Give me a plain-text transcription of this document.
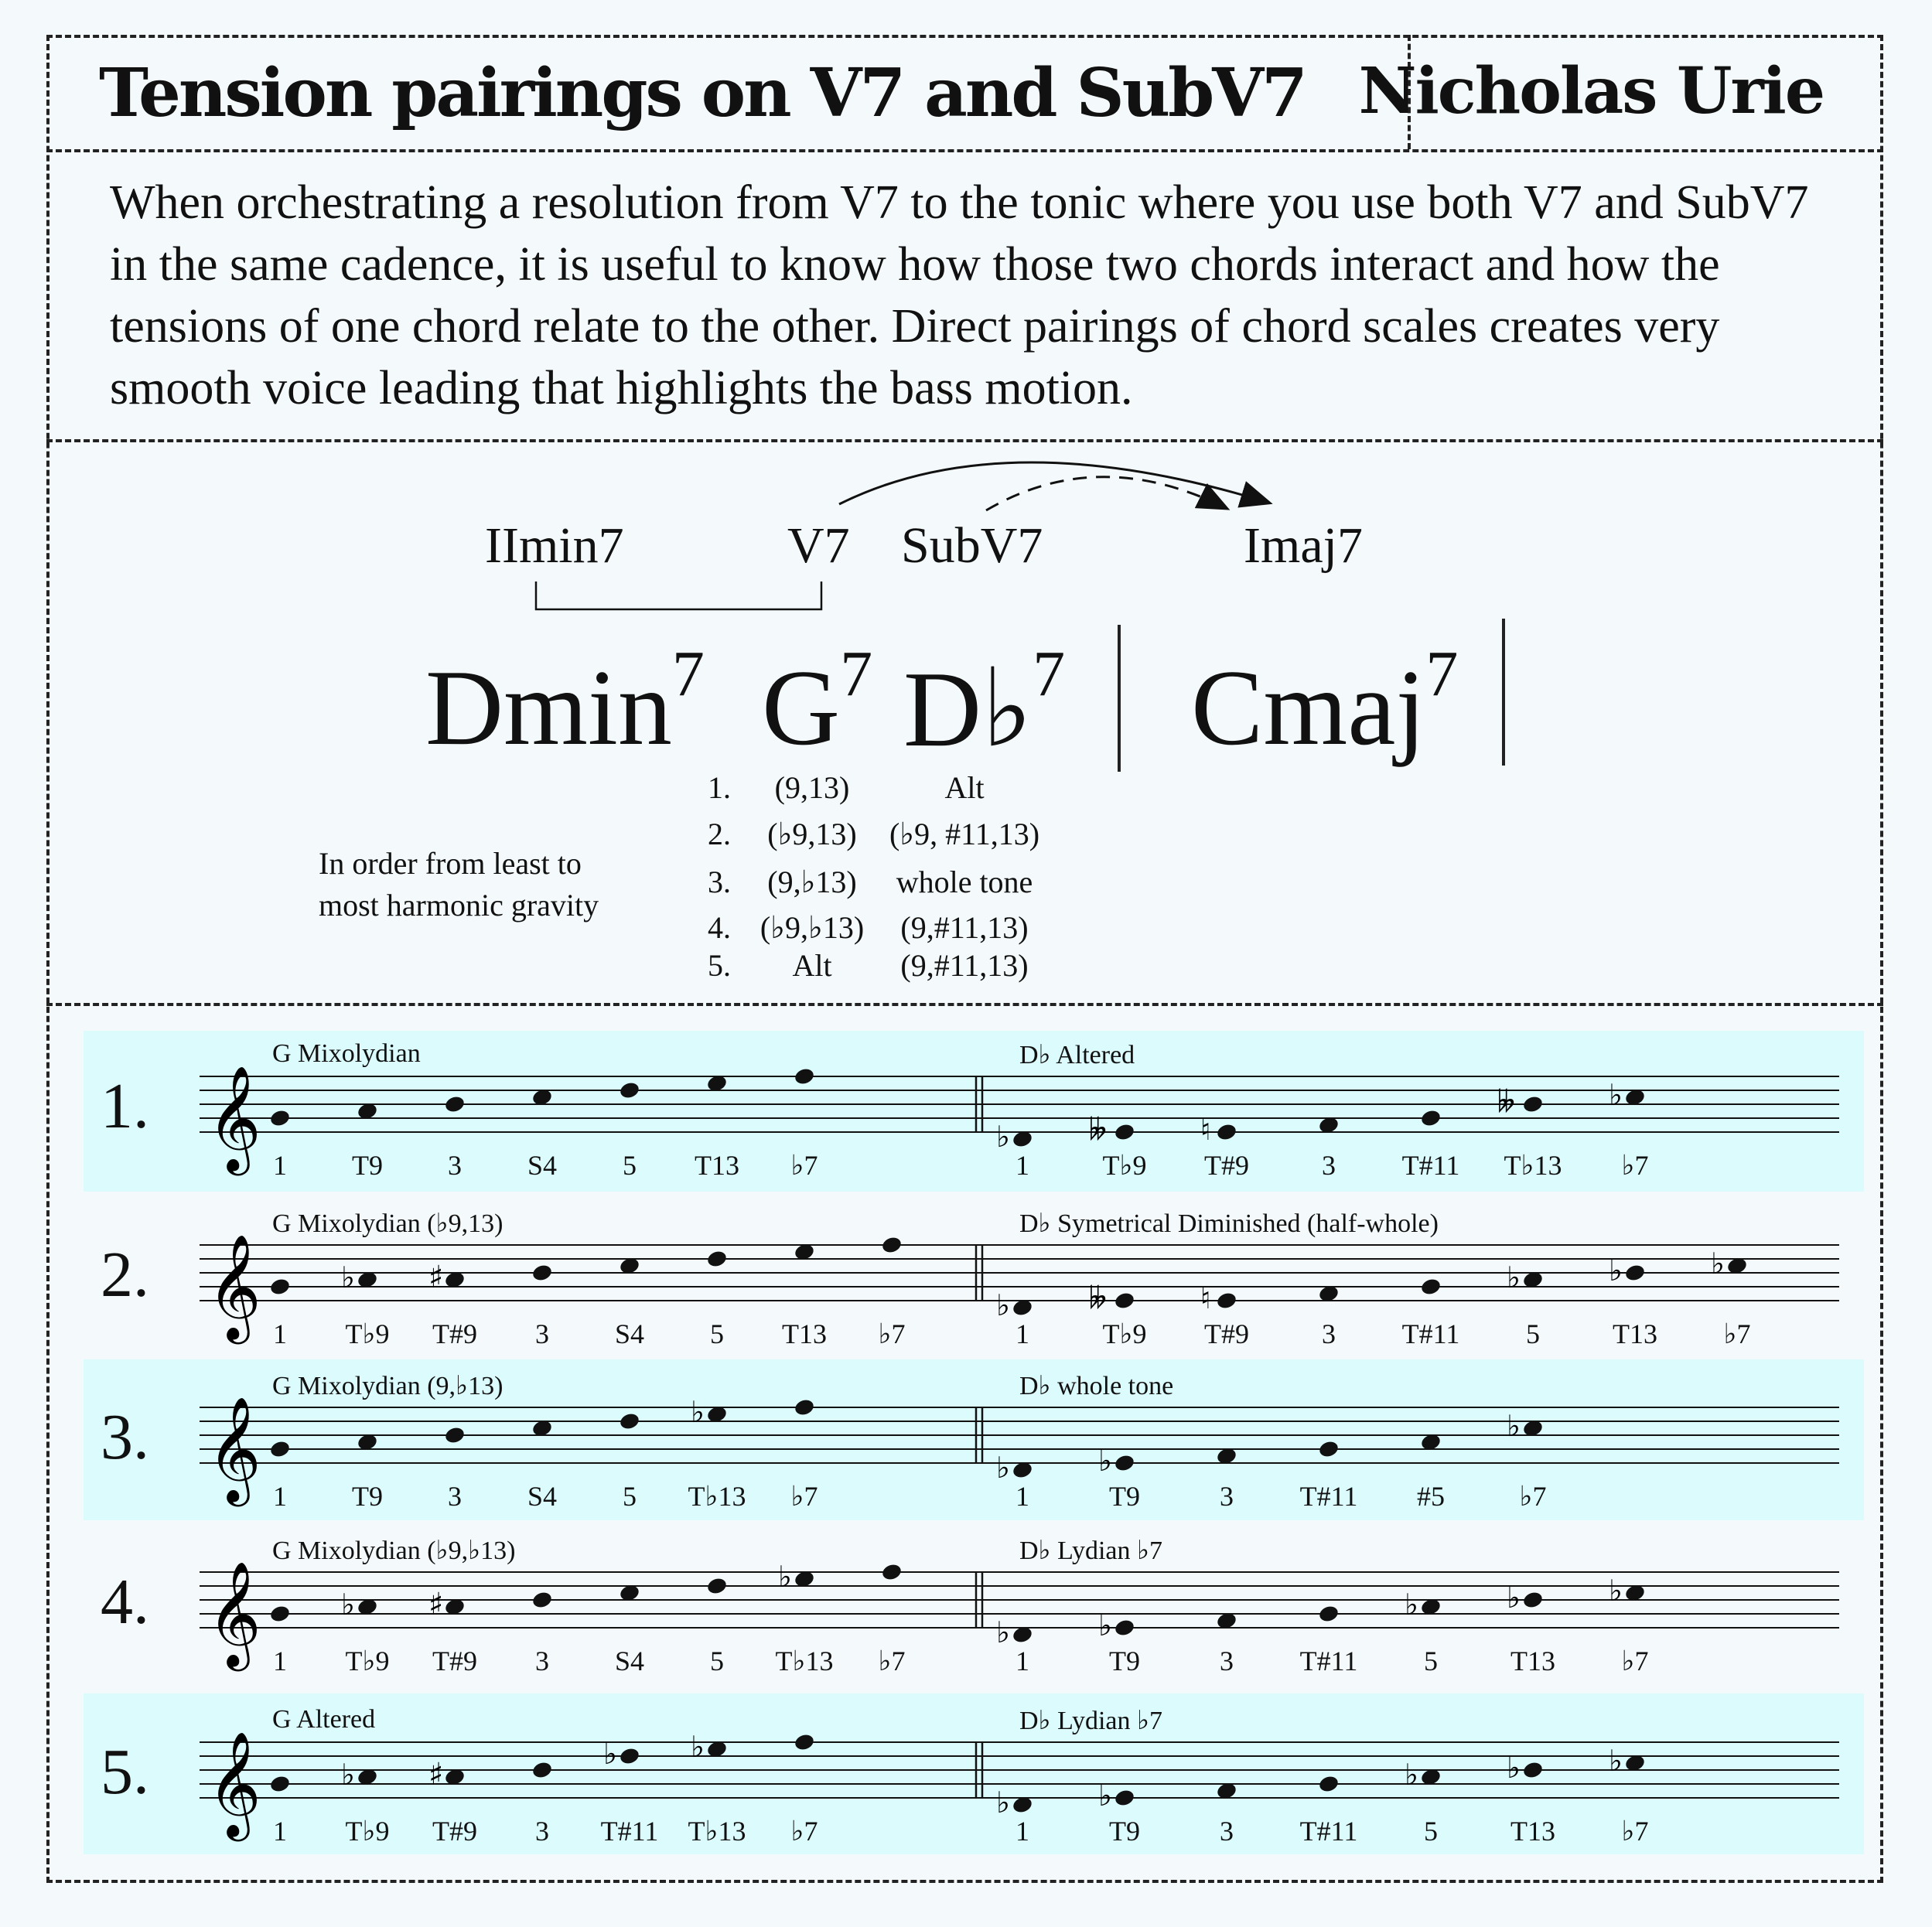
Tension pairings on V7 and SubV7 Nicholas Urie
When orchestrating a resolution from V7 to the tonic where you use both V7 and SubV7
in the same cadence, it is useful to know how those two chords interact and how the
tensions of one chord relate to the other. Direct pairings of chord scales creates very
smooth voice leading that highlights the bass motion.
IImin7	V7 SubV7	Imaj7
Dmin$^7$ $G^7$ D♭$^7$ Cmaj$^7$
In order from least to
most harmonic gravity
1. (9,13)	Alt
2. (♭9,13) (♭9, #11,13)
3. (9,♭13) whole tone
4. (♭9,♭13) (9,#11,13)
5. Alt (9,#11,13)
1. 𝄞	♭	𝄫	♮
𝄫	♭
1 T9 3 S4 5 T13 ♭7	1	T♭9 T#9	3 T#11 T♭13 ♭7
G Mixolydian	D♭ Altered
2. 𝄞	♭ ♯
♭	𝄫	♮
♭	♭	♭
1 T♭9 T#9 3 S4 5 T13 ♭7	1	T♭9 T#9	3 T#11 5	T13 ♭7
G Mixolydian (♭9,13)	D♭ Symetrical Diminished (half-whole)
3. 𝄞	♭
♭	♭
♭
1 T9 3 S4 5 T♭13 ♭7	1	T9	3 T#11 #5	♭7
G Mixolydian (9,♭13)	D♭ whole tone
4. 𝄞	♭ ♯
♭
♭	♭
♭	♭	♭
1 T♭9 T#9 3 S4 5 T♭13 ♭7	1	T9	3 T#11 5	T13 ♭7
G Mixolydian (♭9,♭13)	D♭ Lydian ♭7
5. 𝄞	♭ ♯
♭	♭
♭	♭
♭	♭	♭
1 T♭9 T#9 3 T#11 T♭13 ♭7	1	T9	3 T#11 5	T13 ♭7
G Altered	D♭ Lydian ♭7
